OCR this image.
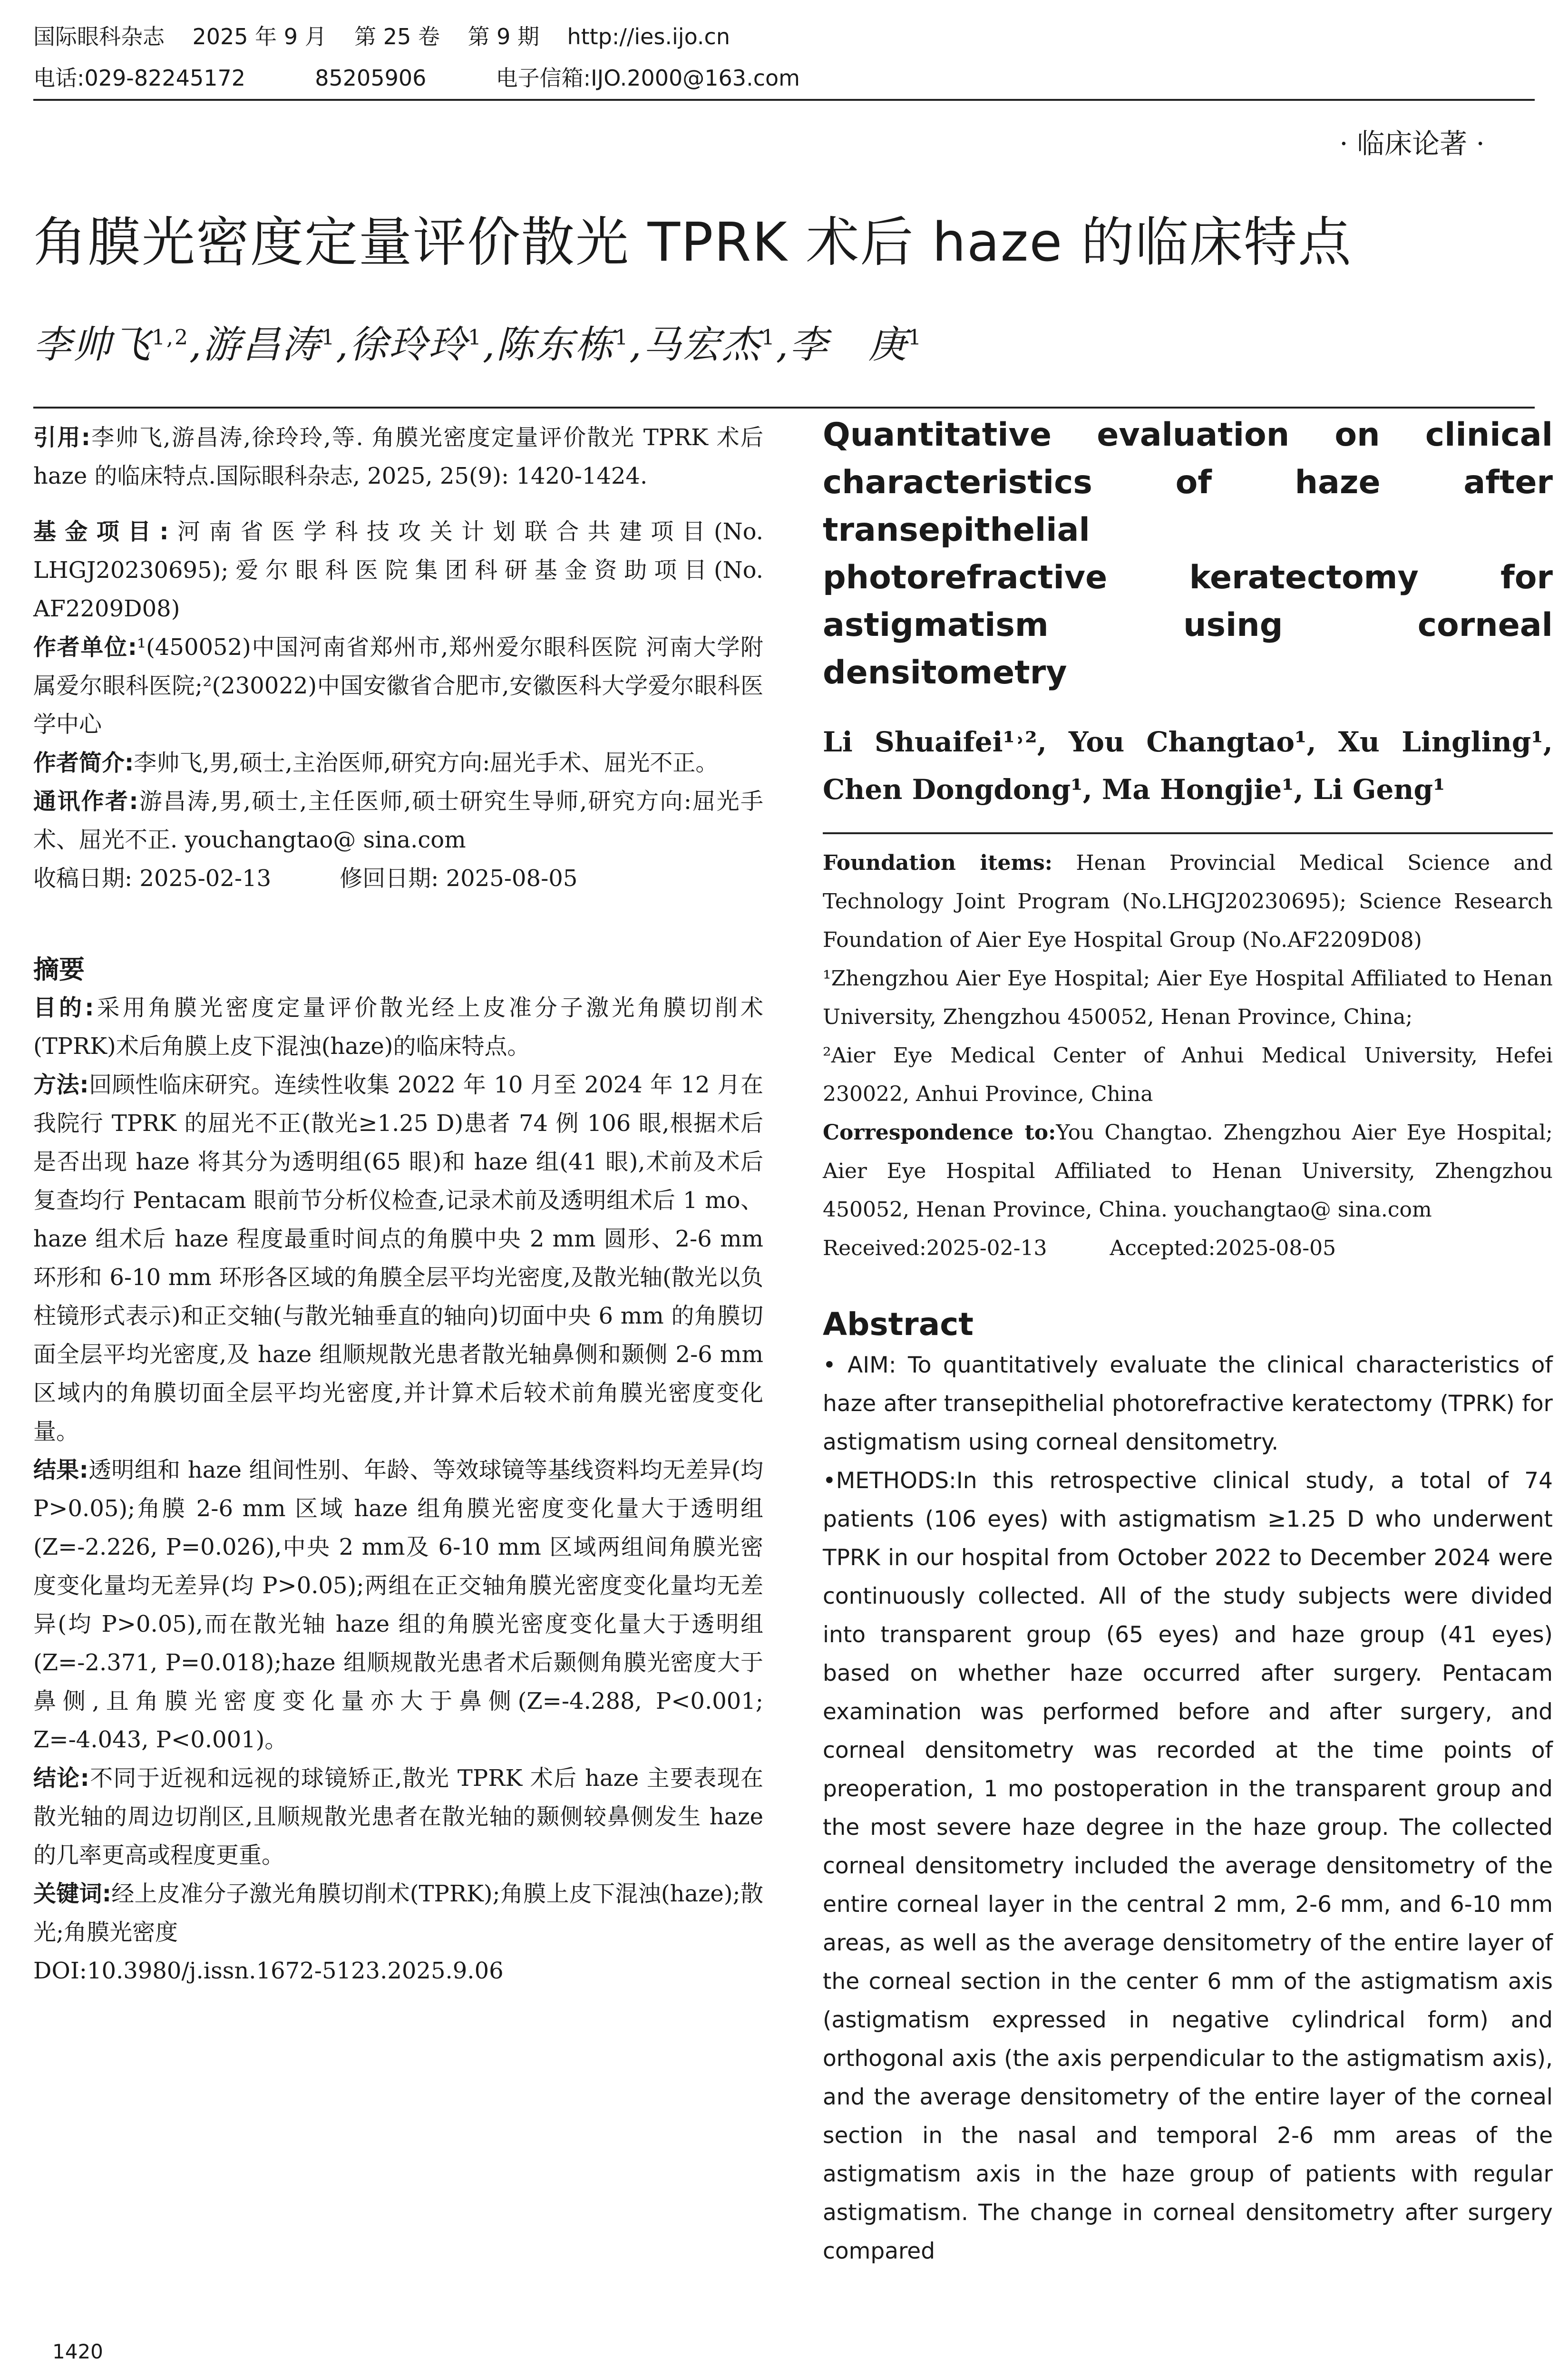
国际眼科杂志    2025 年 9 月    第 25 卷    第 9 期    http://ies.ijo.cn
电话:029-82245172          85205906          电子信箱:IJO.2000@163.com
· 临床论著 ·
角膜光密度定量评价散光 TPRK 术后 haze 的临床特点
李帅飞$^{1,2}$,游昌涛$^1$,徐玲玲$^1$,陈东栋$^1$,马宏杰$^1$,李　庚$^1$

引用:李帅飞,游昌涛,徐玲玲,等. 角膜光密度定量评价散光 TPRK 术后 haze 的临床特点.国际眼科杂志, 2025, 25(9): 1420-1424.

基金项目:河南省医学科技攻关计划联合共建项目(No. LHGJ20230695);爱尔眼科医院集团科研基金资助项目(No. AF2209D08)

作者单位:¹(450052)中国河南省郑州市,郑州爱尔眼科医院 河南大学附属爱尔眼科医院;²(230022)中国安徽省合肥市,安徽医科大学爱尔眼科医学中心

作者简介:李帅飞,男,硕士,主治医师,研究方向:屈光手术、屈光不正。

通讯作者:游昌涛,男,硕士,主任医师,硕士研究生导师,研究方向:屈光手术、屈光不正. youchangtao@ sina.com

收稿日期: 2025-02-13   	修回日期: 2025-08-05

摘要

目的:采用角膜光密度定量评价散光经上皮准分子激光角膜切削术(TPRK)术后角膜上皮下混浊(haze)的临床特点。

方法:回顾性临床研究。连续性收集 2022 年 10 月至 2024 年 12 月在我院行 TPRK 的屈光不正(散光≥1.25 D)患者 74 例 106 眼,根据术后是否出现 haze 将其分为透明组(65 眼)和 haze 组(41 眼),术前及术后复查均行 Pentacam 眼前节分析仪检查,记录术前及透明组术后 1 mo、haze 组术后 haze 程度最重时间点的角膜中央 2 mm 圆形、2-6 mm 环形和 6-10 mm 环形各区域的角膜全层平均光密度,及散光轴(散光以负柱镜形式表示)和正交轴(与散光轴垂直的轴向)切面中央 6 mm 的角膜切面全层平均光密度,及 haze 组顺规散光患者散光轴鼻侧和颞侧 2-6 mm 区域内的角膜切面全层平均光密度,并计算术后较术前角膜光密度变化量。

结果:透明组和 haze 组间性别、年龄、等效球镜等基线资料均无差异(均 P>0.05);角膜 2-6 mm 区域 haze 组角膜光密度变化量大于透明组(Z=-2.226, P=0.026),中央 2 mm及 6-10 mm 区域两组间角膜光密度变化量均无差异(均 P>0.05);两组在正交轴角膜光密度变化量均无差异(均 P>0.05),而在散光轴 haze 组的角膜光密度变化量大于透明组(Z=-2.371, P=0.018);haze 组顺规散光患者术后颞侧角膜光密度大于鼻侧,且角膜光密度变化量亦大于鼻侧(Z=-4.288, P<0.001; Z=-4.043, P<0.001)。

结论:不同于近视和远视的球镜矫正,散光 TPRK 术后 haze 主要表现在散光轴的周边切削区,且顺规散光患者在散光轴的颞侧较鼻侧发生 haze 的几率更高或程度更重。

关键词:经上皮准分子激光角膜切削术(TPRK);角膜上皮下混浊(haze);散光;角膜光密度

DOI:10.3980/j.issn.1672-5123.2025.9.06

Quantitative evaluation on clinical
characteristics of haze after transepithelial
photorefractive keratectomy for
astigmatism using corneal densitometry
Li Shuaifei¹˒², You Changtao¹, Xu Lingling¹, Chen Dongdong¹, Ma Hongjie¹, Li Geng¹

Foundation items: Henan Provincial Medical Science and Technology Joint Program (No.LHGJ20230695); Science Research Foundation of Aier Eye Hospital Group (No.AF2209D08)

¹Zhengzhou Aier Eye Hospital; Aier Eye Hospital Affiliated to Henan University, Zhengzhou 450052, Henan Province, China;

²Aier Eye Medical Center of Anhui Medical University, Hefei 230022, Anhui Province, China

Correspondence to:You Changtao. Zhengzhou Aier Eye Hospital; Aier Eye Hospital Affiliated to Henan University, Zhengzhou 450052, Henan Province, China. youchangtao@ sina.com

Received:2025-02-13   	Accepted:2025-08-05

Abstract

• AIM: To quantitatively evaluate the clinical characteristics of haze after transepithelial photorefractive keratectomy (TPRK) for astigmatism using corneal densitometry.

•METHODS:In this retrospective clinical study, a total of 74 patients (106 eyes) with astigmatism ≥1.25 D who underwent TPRK in our hospital from October 2022 to December 2024 were continuously collected. All of the study subjects were divided into transparent group (65 eyes) and haze group (41 eyes) based on whether haze occurred after surgery. Pentacam examination was performed before and after surgery, and corneal densitometry was recorded at the time points of preoperation, 1 mo postoperation in the transparent group and the most severe haze degree in the haze group. The collected corneal densitometry included the average densitometry of the entire corneal layer in the central 2 mm, 2-6 mm, and 6-10 mm areas, as well as the average densitometry of the entire layer of the corneal section in the center 6 mm of the astigmatism axis (astigmatism expressed in negative cylindrical form) and orthogonal axis (the axis perpendicular to the astigmatism axis), and the average densitometry of the entire layer of the corneal section in the nasal and temporal 2-6 mm areas of the astigmatism axis in the haze group of patients with regular astigmatism. The change in corneal densitometry after surgery compared

1420
